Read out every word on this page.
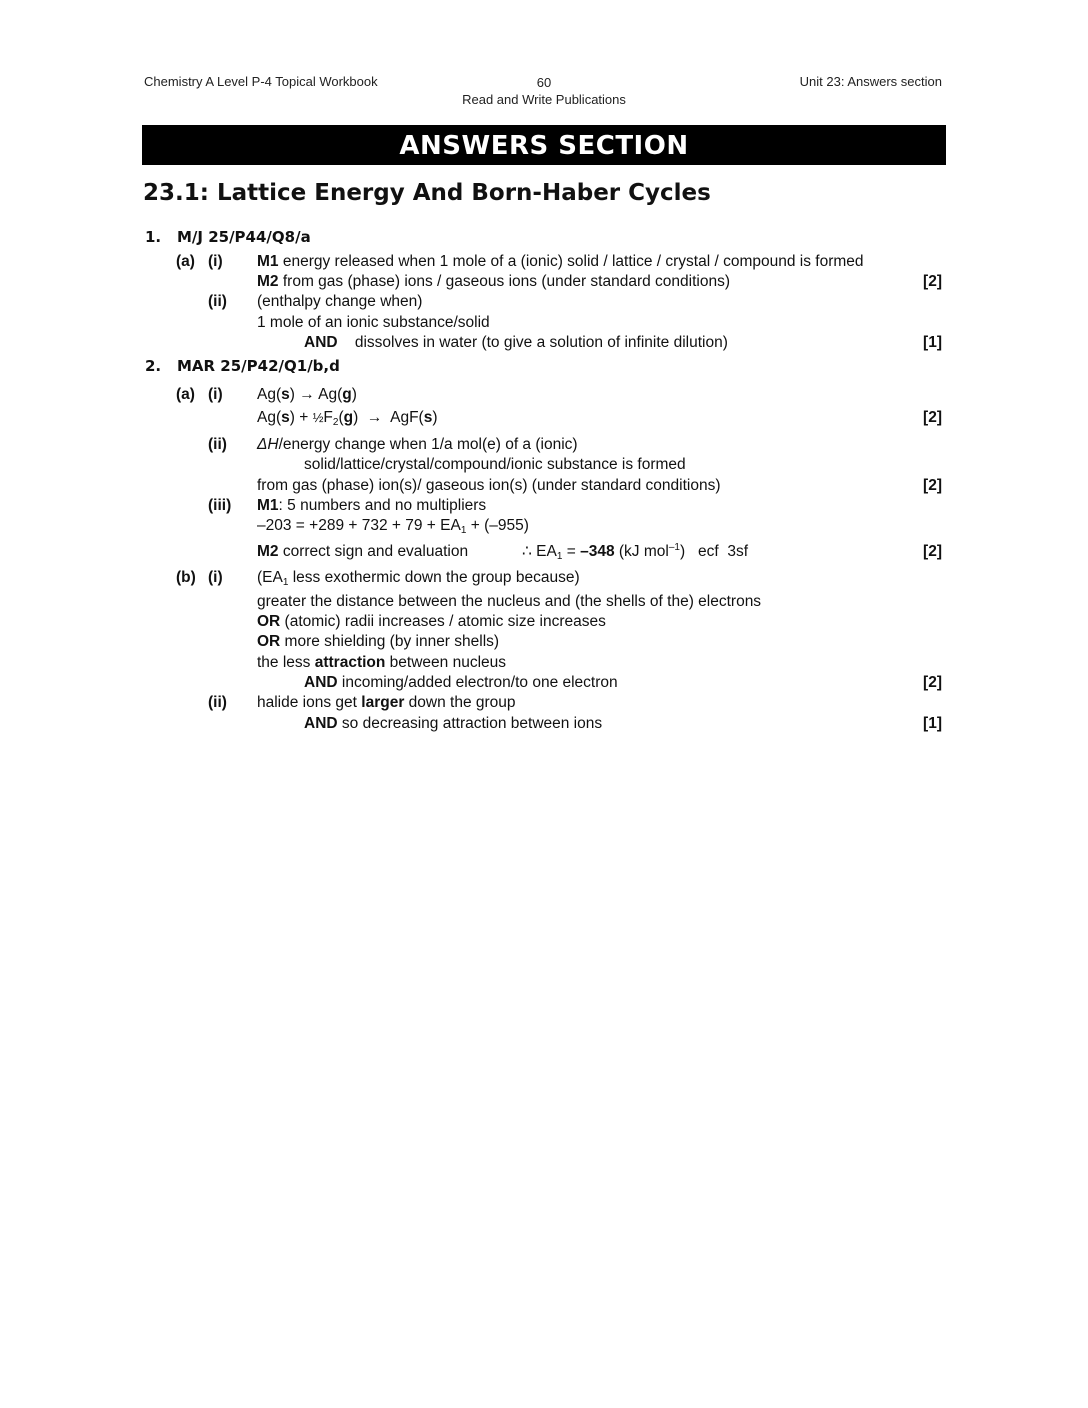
Chemistry A Level P-4 Topical Workbook	60
Read and Write Publications
Unit 23: Answers section
ANSWERS SECTION
23.1: Lattice Energy And Born-Haber Cycles
1. M/J 25/P44/Q8/a
(a) (i) M1 energy released when 1 mole of a (ionic) solid / lattice / crystal / compound is formed
M2 from gas (phase) ions / gaseous ions (under standard conditions)	[2]
(ii) (enthalpy change when)
1 mole of an ionic substance/solid
AND dissolves in water (to give a solution of infinite dilution)	[1]
2. MAR 25/P42/Q1/b,d
(a) (i) Ag(s) → Ag(g)
$Ag(s) + \frac{1}{2}F_2(g) \to AgF(s)$	[2]
(ii) ΔH/energy change when 1/a mol(e) of a (ionic)
solid/lattice/crystal/compound/ionic substance is formed
from gas (phase) ion(s)/ gaseous ion(s) (under standard conditions)	[2]
(iii) M1: 5 numbers and no multipliers
$-203 = +289 + 732 + 79 + EA_1 + (-955)$
M2 correct sign and evaluation	∴ $EA_1 = -348$ (kJ mol$^{-1}$)   ecf  3sf	[2]
(b) (i) ($EA_1$ less exothermic down the group because)
greater the distance between the nucleus and (the shells of the) electrons
OR (atomic) radii increases / atomic size increases
OR more shielding (by inner shells)
the less attraction between nucleus
AND incoming/added electron/to one electron	[2]
(ii) halide ions get larger down the group
AND so decreasing attraction between ions	[1]
